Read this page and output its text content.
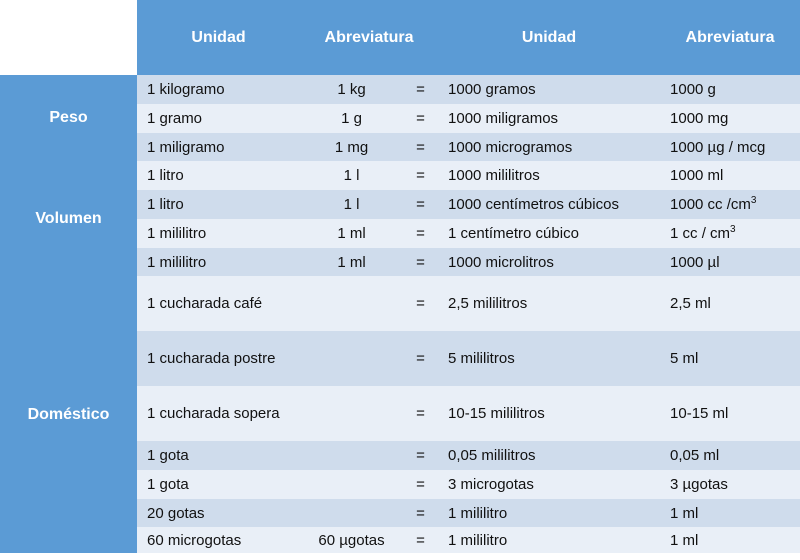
	Unidad	Abreviatura		Unidad	Abreviatura
Peso	1 kilogramo	1 kg	=	1000 gramos	1000 g
	1 gramo	1 g	=	1000 miligramos	1000 mg
	1 miligramo	1 mg	=	1000 microgramos	1000 µg / mcg
Volumen	1 litro	1 l	=	1000 mililitros	1000 ml
	1 litro	1 l	=	1000 centímetros cúbicos	1000 cc $/cm^3$
	1 mililitro	1 ml	=	1 centímetro cúbico	1 cc / $cm^3$
	1 mililitro	1 ml	=	1000 microlitros	1000 µl
Doméstico	1 cucharada café		=	2,5 mililitros	2,5 ml
	1 cucharada postre		=	5 mililitros	5 ml
	1 cucharada sopera		=	10-15 mililitros	10-15 ml
	1 gota		=	0,05 mililitros	0,05 ml
	1 gota		=	3 microgotas	3 µgotas
	20 gotas		=	1 mililitro	1 ml
	60 microgotas	60 µgotas	=	1 mililitro	1 ml
